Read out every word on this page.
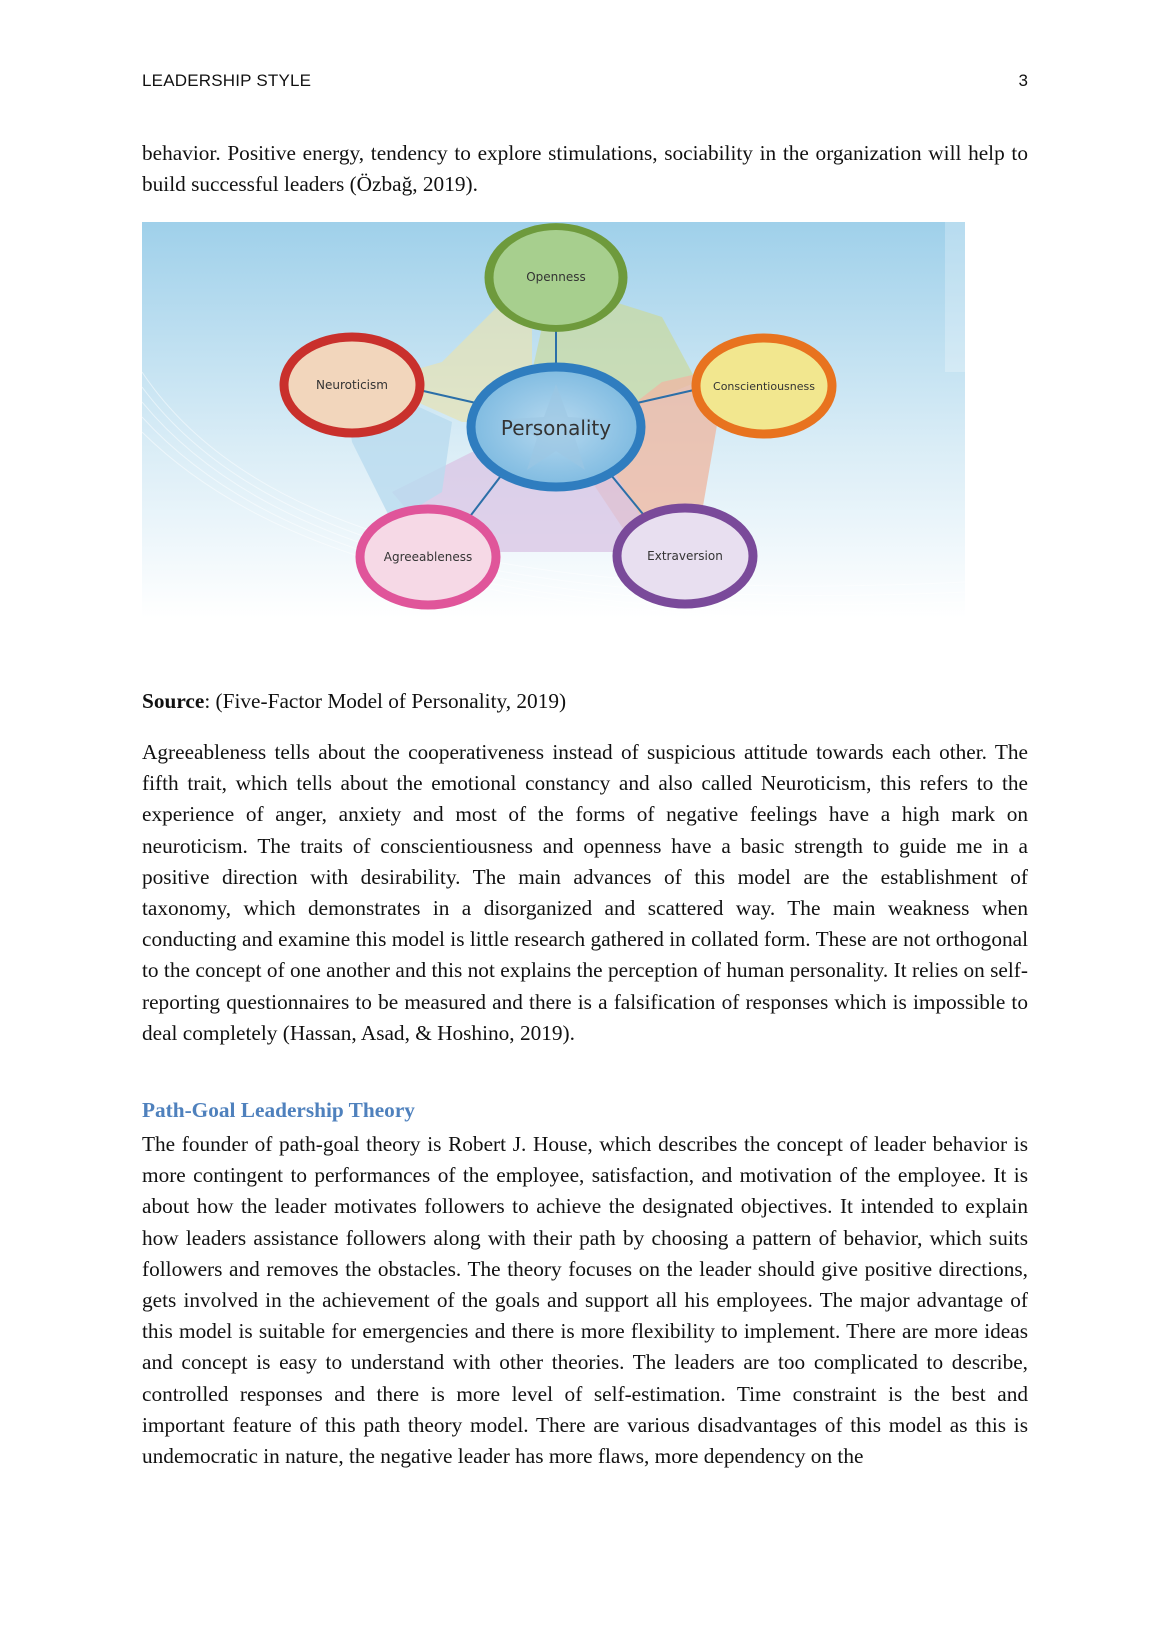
LEADERSHIP STYLE	3

behavior. Positive energy, tendency to explore stimulations, sociability in the organization will help to build successful leaders (Özbağ, 2019).

Openness
Conscientiousness
Neuroticism
Agreeableness	Extraversion
Personality

Source: (Five-Factor Model of Personality, 2019)

Agreeableness tells about the cooperativeness instead of suspicious attitude towards each other. The fifth trait, which tells about the emotional constancy and also called Neuroticism, this refers to the experience of anger, anxiety and most of the forms of negative feelings have a high mark on neuroticism. The traits of conscientiousness and openness have a basic strength to guide me in a positive direction with desirability. The main advances of this model are the establishment of taxonomy, which demonstrates in a disorganized and scattered way. The main weakness when conducting and examine this model is little research gathered in collated form. These are not orthogonal to the concept of one another and this not explains the perception of human personality. It relies on self-reporting questionnaires to be measured and there is a falsification of responses which is impossible to deal completely (Hassan, Asad, & Hoshino, 2019).

Path-Goal Leadership Theory

The founder of path-goal theory is Robert J. House, which describes the concept of leader behavior is more contingent to performances of the employee, satisfaction, and motivation of the employee. It is about how the leader motivates followers to achieve the designated objectives. It intended to explain how leaders assistance followers along with their path by choosing a pattern of behavior, which suits followers and removes the obstacles. The theory focuses on the leader should give positive directions, gets involved in the achievement of the goals and support all his employees. The major advantage of this model is suitable for emergencies and there is more flexibility to implement. There are more ideas and concept is easy to understand with other theories. The leaders are too complicated to describe, controlled responses and there is more level of self-estimation. Time constraint is the best and important feature of this path theory model. There are various disadvantages of this model as this is undemocratic in nature, the negative leader has more flaws, more dependency on the
